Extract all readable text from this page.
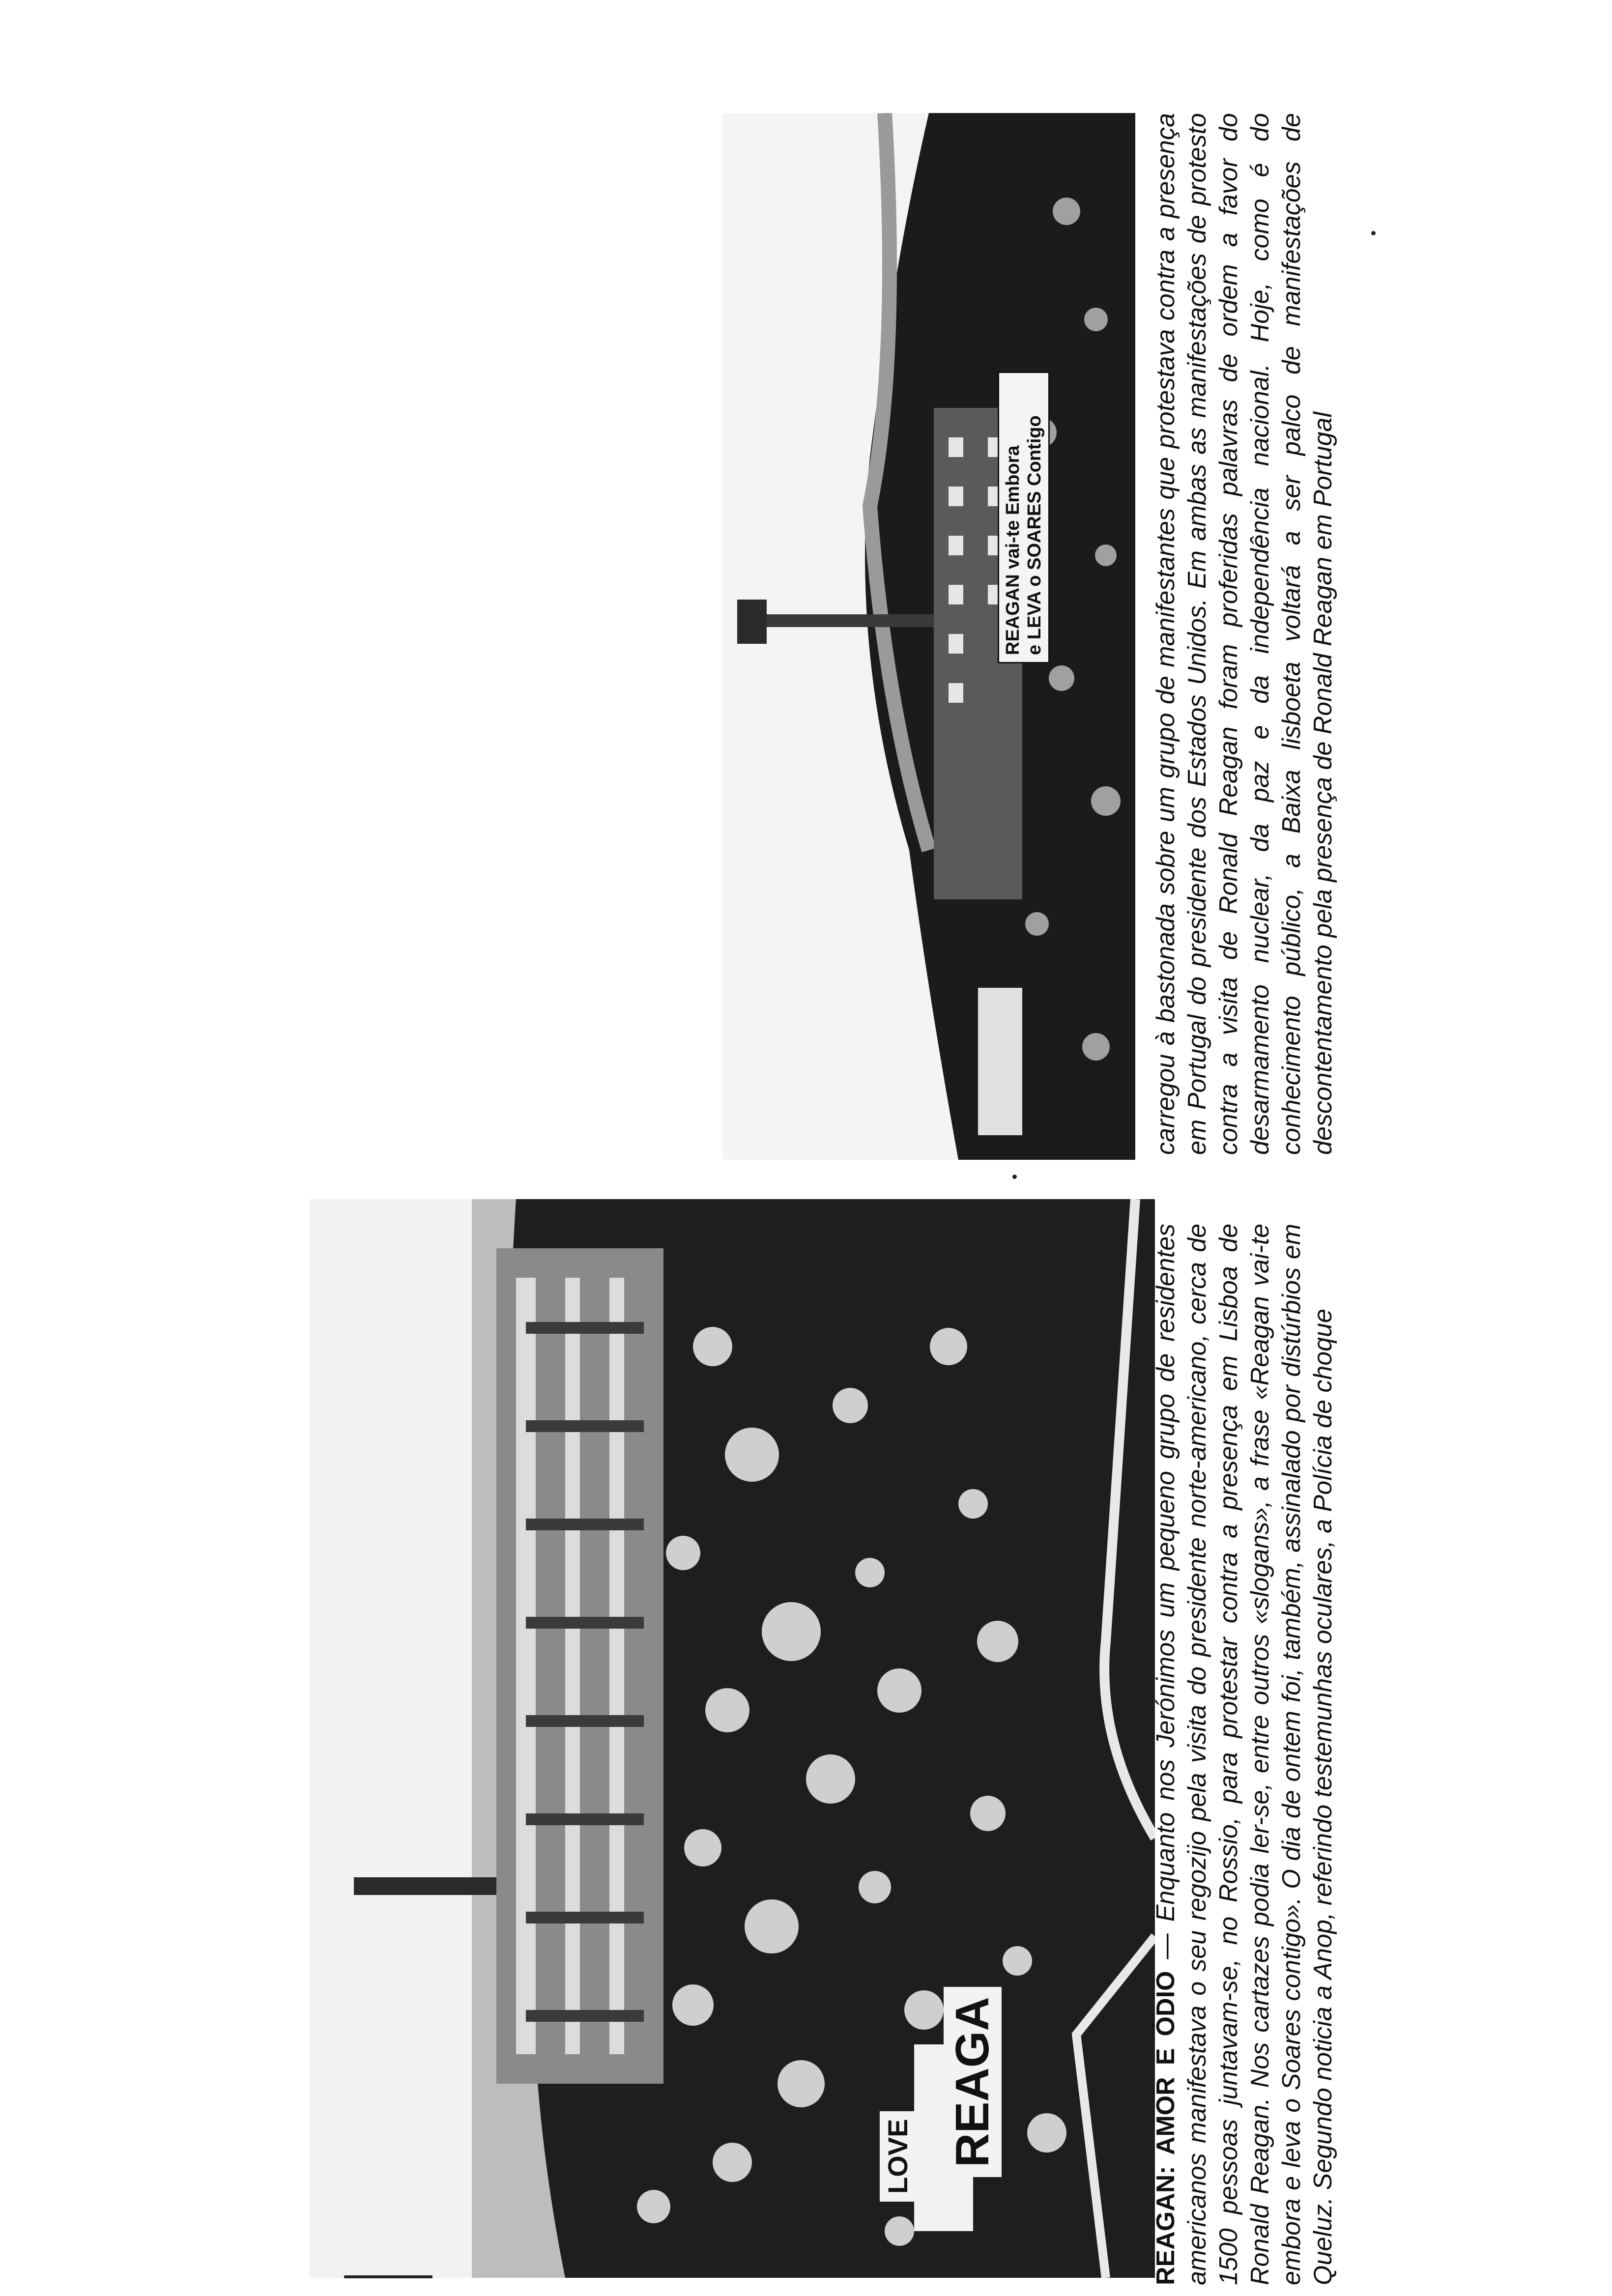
LOVE REAGA
REAGAN vai-te Embora e LEVA o SOARES Contigo

REAGAN: AMOR E ÓDIO — Enquanto nos Jerónimos um pequeno grupo de residentes americanos manifestava o seu regozijo pela visita do presidente norte-americano, cerca de 1500 pessoas juntavam-se, no Rossio, para protestar contra a presença em Lisboa de Ronald Reagan. Nos cartazes podia ler-se, entre outros «slogans», a frase «Reagan vai-te embora e leva o Soares contigo». O dia de ontem foi, também, assinalado por distúrbios em Queluz. Segundo noticia a Anop, referindo testemunhas oculares, a Polícia de choque

carregou à bastonada sobre um grupo de manifestantes que protestava contra a presença em Portugal do presidente dos Estados Unidos. Em ambas as manifestações de protesto contra a visita de Ronald Reagan foram proferidas palavras de ordem a favor do desarmamento nuclear, da paz e da independência nacional. Hoje, como é do conhecimento público, a Baixa lisboeta voltará a ser palco de manifestações de descontentamento pela presença de Ronald Reagan em Portugal
